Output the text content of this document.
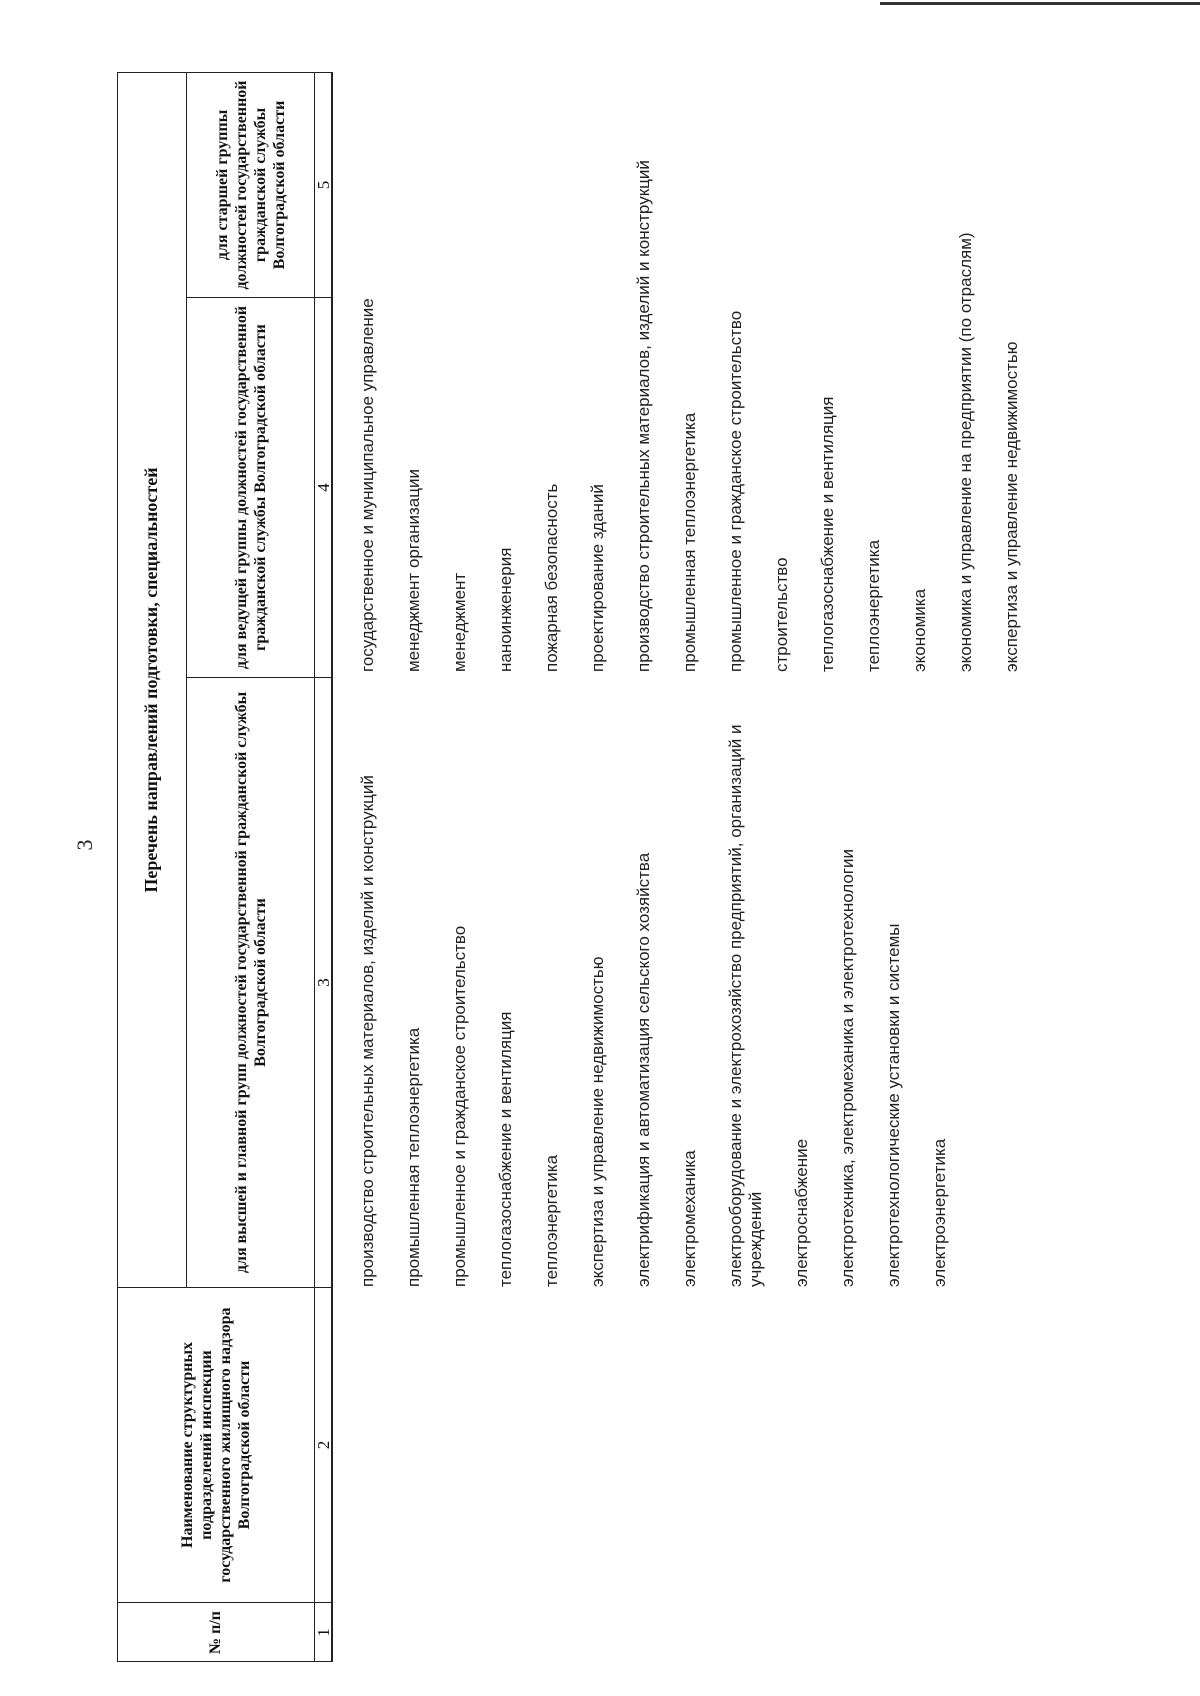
3
№ п/п
Наименование структурных подразделений инспекции государственного жилищного надзора Волгоградской области
Перечень направлений подготовки, специальностей
для высшей и главной групп должностей государственной гражданской службы Волгоградской области
для ведущей группы должностей государственной гражданской службы Волгоградской области
для старшей группы должностей государственной гражданской службы Волгоградской области
1
2
3
4
5
производство строительных материалов, изделий и конструкций промышленная теплоэнергетика промышленное и гражданское строительство теплогазоснабжение и вентиляция теплоэнергетика экспертиза и управление недвижимостью электрификация и автоматизация сельского хозяйства электромеханика электрооборудование и электрохозяйство предприятий, организаций и учреждений электроснабжение электротехника, электромеханика и электротехнологии электротехнологические установки и системы электроэнергетика
государственное и муниципальное управление менеджмент организации менеджмент наноинженерия пожарная безопасность проектирование зданий производство строительных материалов, изделий и конструкций промышленная теплоэнергетика промышленное и гражданское строительство строительство теплогазоснабжение и вентиляция теплоэнергетика экономика экономика и управление на предприятии (по отраслям) экспертиза и управление недвижимостью
